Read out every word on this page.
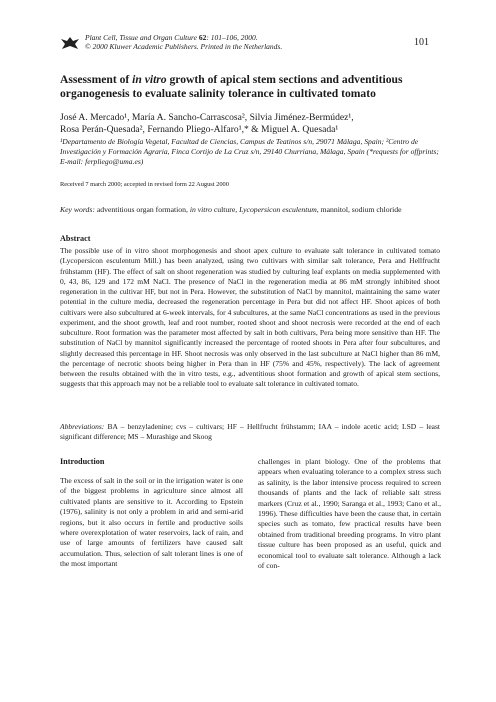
Plant Cell, Tissue and Organ Culture 62: 101–106, 2000.
© 2000 Kluwer Academic Publishers. Printed in the Netherlands.	101
Assessment of in vitro growth of apical stem sections and adventitious organogenesis to evaluate salinity tolerance in cultivated tomato
José A. Mercado¹, María A. Sancho-Carrascosa², Silvia Jiménez-Bermúdez¹,
Rosa Perán-Quesada², Fernando Pliego-Alfaro¹,* & Miguel A. Quesada¹
¹Departamento de Biología Vegetal, Facultad de Ciencias, Campus de Teatinos s/n, 29071 Málaga, Spain; ²Centro de Investigación y Formación Agraria, Finca Cortijo de La Cruz s/n, 29140 Churriana, Málaga, Spain (*requests for offprints; E-mail: ferpliego@uma.es)
Received 7 march 2000; accepted in revised form 22 August 2000
Key words: adventitious organ formation, in vitro culture, Lycopersicon esculentum, mannitol, sodium chloride
Abstract
The possible use of in vitro shoot morphogenesis and shoot apex culture to evaluate salt tolerance in cultivated tomato (Lycopersicon esculentum Mill.) has been analyzed, using two cultivars with similar salt tolerance, Pera and Hellfrucht frühstamm (HF). The effect of salt on shoot regeneration was studied by culturing leaf explants on media supplemented with 0, 43, 86, 129 and 172 mM NaCl. The presence of NaCl in the regeneration media at 86 mM strongly inhibited shoot regeneration in the cultivar HF, but not in Pera. However, the substitution of NaCl by mannitol, maintaining the same water potential in the culture media, decreased the regeneration percentage in Pera but did not affect HF. Shoot apices of both cultivars were also subcultured at 6-week intervals, for 4 subcultures, at the same NaCl concentrations as used in the previous experiment, and the shoot growth, leaf and root number, rooted shoot and shoot necrosis were recorded at the end of each subculture. Root formation was the parameter most affected by salt in both cultivars, Pera being more sensitive than HF. The substitution of NaCl by mannitol significantly increased the percentage of rooted shoots in Pera after four subcultures, and slightly decreased this percentage in HF. Shoot necrosis was only observed in the last subculture at NaCl higher than 86 mM, the percentage of necrotic shoots being higher in Pera than in HF (75% and 45%, respectively). The lack of agreement between the results obtained with the in vitro tests, e.g., adventitious shoot formation and growth of apical stem sections, suggests that this approach may not be a reliable tool to evaluate salt tolerance in cultivated tomato.
Abbreviations: BA – benzyladenine; cvs – cultivars; HF – Hellfrucht frühstamm; IAA – indole acetic acid; LSD – least significant difference; MS – Murashige and Skoog
Introduction
The excess of salt in the soil or in the irrigation water is one of the biggest problems in agriculture since almost all cultivated plants are sensitive to it. According to Epstein (1976), salinity is not only a problem in arid and semi-arid regions, but it also occurs in fertile and productive soils where overexplotation of water reservoirs, lack of rain, and use of large amounts of fertilizers have caused salt accumulation. Thus, selection of salt tolerant lines is one of the most important
challenges in plant biology. One of the problems that appears when evaluating tolerance to a complex stress such as salinity, is the labor intensive process required to screen thousands of plants and the lack of reliable salt stress markers (Cruz et al., 1990; Saranga et al., 1993; Cano et al., 1996). These difficulties have been the cause that, in certain species such as tomato, few practical results have been obtained from traditional breeding programs. In vitro plant tissue culture has been proposed as an useful, quick and economical tool to evaluate salt tolerance. Although a lack of con-
